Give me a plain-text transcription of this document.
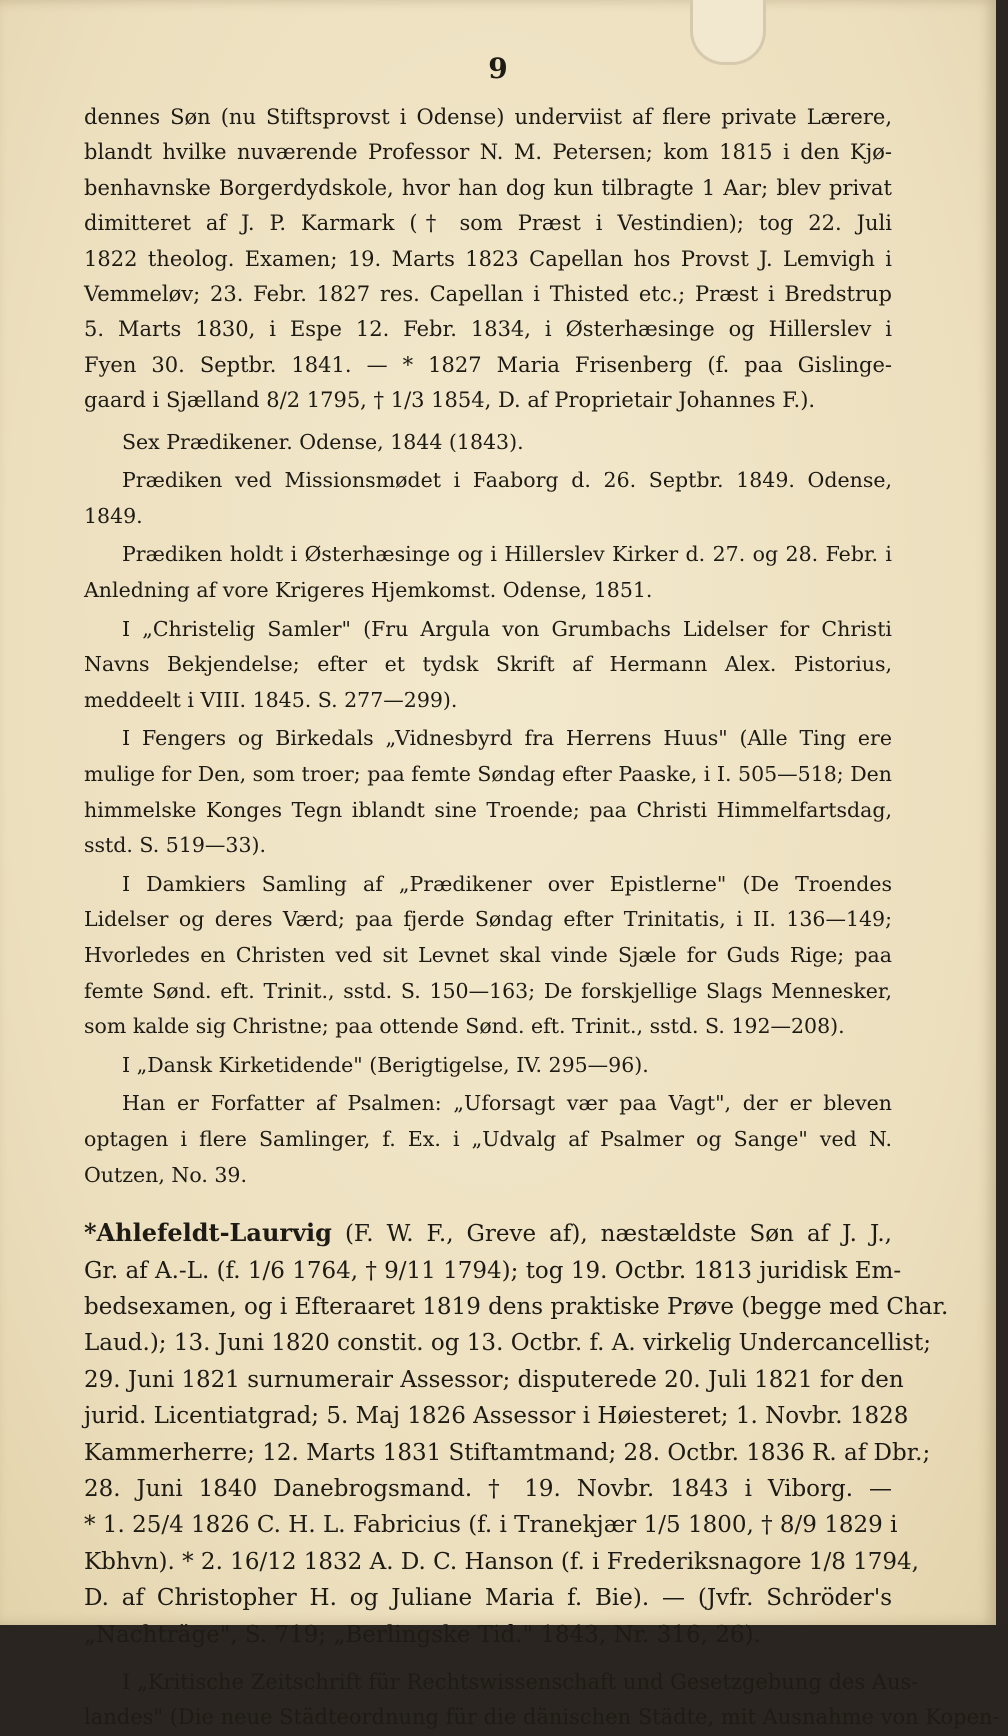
9
dennes Søn (nu Stiftsprovst i Odense) underviist af flere private Lærere,
blandt hvilke nuværende Professor N. M. Petersen; kom 1815 i den Kjø-
benhavnske Borgerdydskole, hvor han dog kun tilbragte 1 Aar; blev privat
dimitteret af J. P. Karmark († som Præst i Vestindien); tog 22. Juli
1822 theolog. Examen; 19. Marts 1823 Capellan hos Provst J. Lemvigh i
Vemmeløv; 23. Febr. 1827 res. Capellan i Thisted etc.; Præst i Bredstrup
5. Marts 1830, i Espe 12. Febr. 1834, i Østerhæsinge og Hillerslev i
Fyen 30. Septbr. 1841. — * 1827 Maria Frisenberg (f. paa Gislinge-
gaard i Sjælland 8/2 1795, † 1/3 1854, D. af Proprietair Johannes F.).

Sex Prædikener. Odense, 1844 (1843).

Prædiken ved Missionsmødet i Faaborg d. 26. Septbr. 1849. Odense, 1849.

Prædiken holdt i Østerhæsinge og i Hillerslev Kirker d. 27. og 28. Febr. i Anledning af vore Krigeres Hjemkomst. Odense, 1851.

I „Christelig Samler" (Fru Argula von Grumbachs Lidelser for Christi Navns Bekjendelse; efter et tydsk Skrift af Hermann Alex. Pistorius, meddeelt i VIII. 1845. S. 277—299).

I Fengers og Birkedals „Vidnesbyrd fra Herrens Huus" (Alle Ting ere mulige for Den, som troer; paa femte Søndag efter Paaske, i I. 505—518; Den himmelske Konges Tegn iblandt sine Troende; paa Christi Himmelfartsdag, sstd. S. 519—33).

I Damkiers Samling af „Prædikener over Epistlerne" (De Troendes Lidelser og deres Værd; paa fjerde Søndag efter Trinitatis, i II. 136—149; Hvorledes en Christen ved sit Levnet skal vinde Sjæle for Guds Rige; paa femte Sønd. eft. Trinit., sstd. S. 150—163; De forskjellige Slags Mennesker, som kalde sig Christne; paa ottende Sønd. eft. Trinit., sstd. S. 192—208).

I „Dansk Kirketidende" (Berigtigelse, IV. 295—96).

Han er Forfatter af Psalmen: „Uforsagt vær paa Vagt", der er bleven optagen i flere Samlinger, f. Ex. i „Udvalg af Psalmer og Sange" ved N. Outzen, No. 39.

*Ahlefeldt-Laurvig (F. W. F., Greve af), næstældste Søn af J. J.,
Gr. af A.-L. (f. 1/6 1764, † 9/11 1794); tog 19. Octbr. 1813 juridisk Em-
bedsexamen, og i Efteraaret 1819 dens praktiske Prøve (begge med Char.
Laud.); 13. Juni 1820 constit. og 13. Octbr. f. A. virkelig Undercancellist;
29. Juni 1821 surnumerair Assessor; disputerede 20. Juli 1821 for den
jurid. Licentiatgrad; 5. Maj 1826 Assessor i Høiesteret; 1. Novbr. 1828
Kammerherre; 12. Marts 1831 Stiftamtmand; 28. Octbr. 1836 R. af Dbr.;
28. Juni 1840 Danebrogsmand. † 19. Novbr. 1843 i Viborg. —
* 1. 25/4 1826 C. H. L. Fabricius (f. i Tranekjær 1/5 1800, † 8/9 1829 i
Kbhvn). * 2. 16/12 1832 A. D. C. Hanson (f. i Frederiksnagore 1/8 1794,
D. af Christopher H. og Juliane Maria f. Bie). — (Jvfr. Schröder's
„Nachträge", S. 719; „Berlingske Tid." 1843, Nr. 316, 26).
I „Kritische Zeitschrift für Rechtswissenschaft und Gesetzgebung des Aus-
landes" (Die neue Städteordnung für die dänischen Städte, mit Ausnahme von Kopen-
